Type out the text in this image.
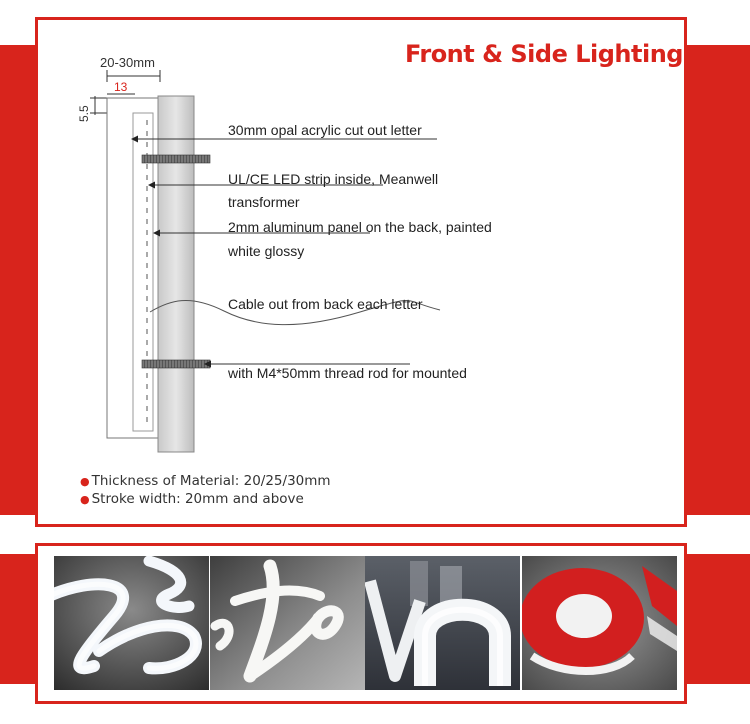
Front & Side Lighting
20-30mm
13
5.5
30mm opal acrylic cut out letter
UL/CE LED strip inside, Meanwell
transformer
2mm aluminum panel on the back, painted
white glossy
Cable out from back each letter
with M4*50mm thread rod for mounted
● Thickness of Material: 20/25/30mm
● Stroke width: 20mm and above
